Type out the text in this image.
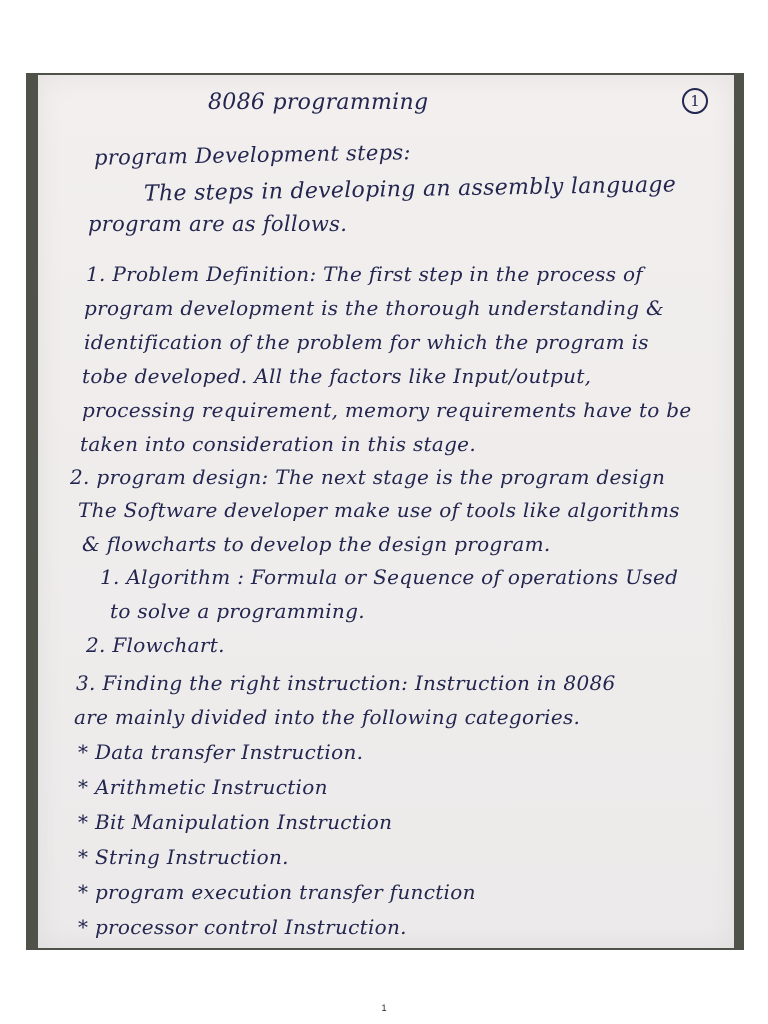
8086 programming	1
program Development steps:
The steps in developing an assembly language
program are as follows.
1. Problem Definition: The first step in the process of
program development is the thorough understanding &
identification of the problem for which the program is
tobe developed. All the factors like Input/output,
processing requirement, memory requirements have to be
taken into consideration in this stage.
2. program design: The next stage is the program design
The Software developer make use of tools like algorithms
& flowcharts to develop the design program.
1. Algorithm : Formula or Sequence of operations Used
to solve a programming.
2. Flowchart.
3. Finding the right instruction: Instruction in 8086
are mainly divided into the following categories.
* Data transfer Instruction.
* Arithmetic Instruction
* Bit Manipulation Instruction
* String Instruction.
* program execution transfer function
* processor control Instruction.
1
